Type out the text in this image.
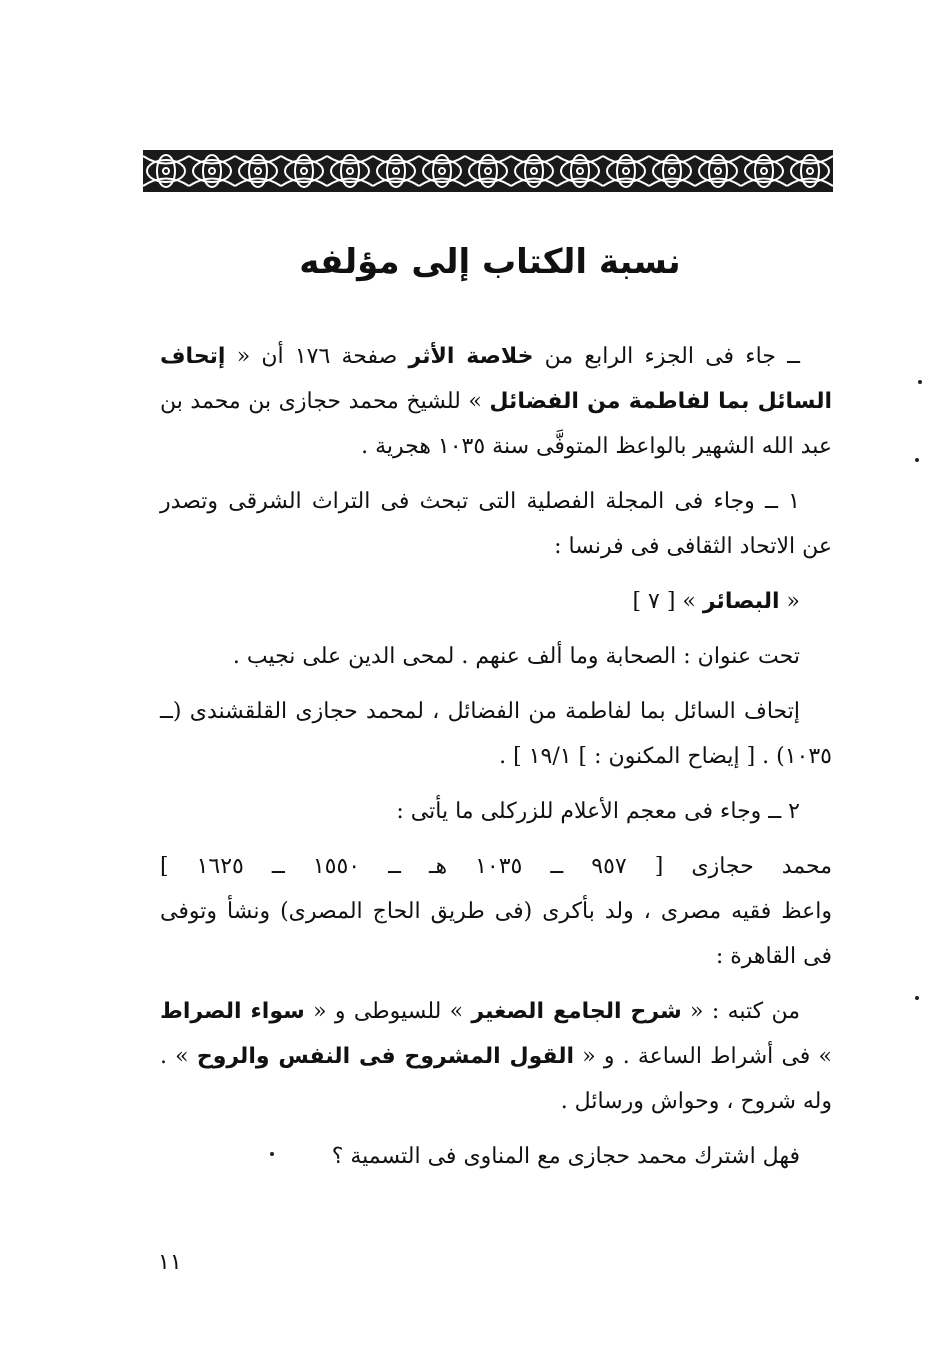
نسبة الكتاب إلى مؤلفه

ــ جاء فى الجزء الرابع من خلاصة الأثر صفحة ١٧٦ أن « إتحاف السائل بما لفاطمة من الفضائل » للشيخ محمد حجازى بن محمد بن عبد الله الشهير بالواعظ المتوفَّى سنة ١٠٣٥ هجرية .

١ ــ وجاء فى المجلة الفصلية التى تبحث فى التراث الشرقى وتصدر عن الاتحاد الثقافى فى فرنسا :

« البصائر » [ ٧ ]

تحت عنوان : الصحابة وما ألف عنهم . لمحى الدين على نجيب .

إتحاف السائل بما لفاطمة من الفضائل ، لمحمد حجازى القلقشندى (ــ ١٠٣٥) . [ إيضاح المكنون : ] ١٩/١ ] .

٢ ــ وجاء فى معجم الأعلام للزركلى ما يأتى :

محمد حجازى [ ٩٥٧ ــ ١٠٣٥ هـ ــ ١٥٥٠ ــ ١٦٢٥ ]
واعظ فقيه مصرى ، ولد بأكرى (فى طريق الحاج المصرى) ونشأ وتوفى فى القاهرة :

من كتبه : « شرح الجامع الصغير » للسيوطى و « سواء الصراط » فى أشراط الساعة . و « القول المشروح فى النفس والروح » . وله شروح ، وحواش ورسائل .

فهل اشترك محمد حجازى مع المناوى فى التسمية ؟

١١
